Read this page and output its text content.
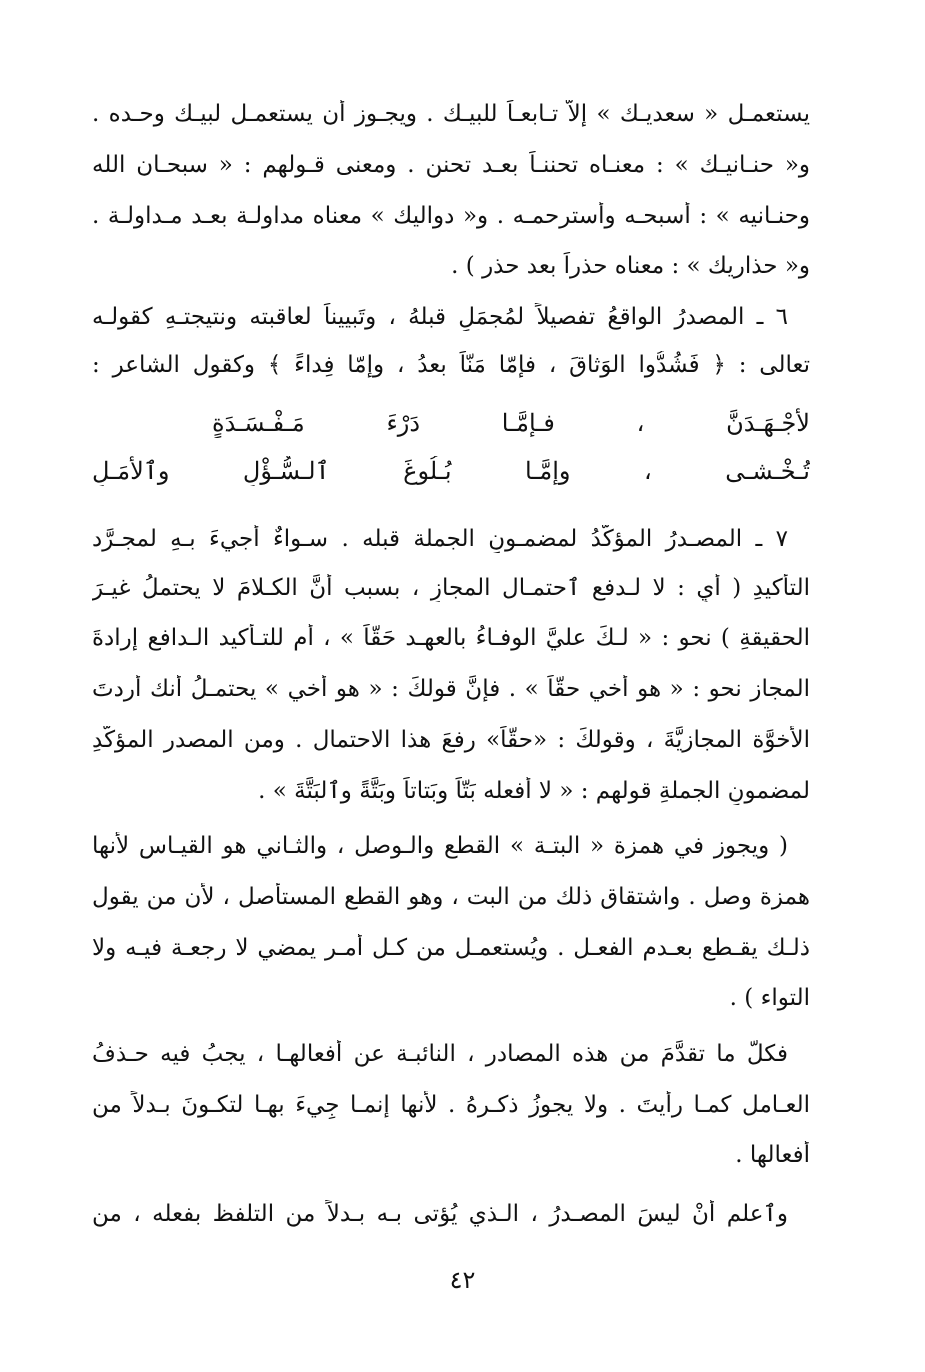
يستعمـل « سعديـك » إلاَّ تـابعـاً للبيـك . ويجـوز أن يستعمـل لبيـك وحـده .
و« حنـانيـك » : معنـاه تحننـاً بعـد تحنن . ومعنى قـولهم : « سبحـان الله
وحنـانيه » : أسبحـه وأسترحمـه . و« دواليك » معناه مداولـة بعـد مـداولـة .
و« حذاريك » : معناه حذراً بعد حذر ) .
٦ ـ المصدرُ الواقعُ تفصيلاً لمُجمَلٍ قبلهُ ، وتَبييناً لعاقبته ونتيجتـهِ كقولـه
تعالى : ﴿ فَشُدُّوا الوَثاقَ ، فإمّا مَنّاً بعدُ ، وإمّا فِداءً ﴾ وكقول الشاعر :
لأَجْـهَـدَنَّ ، فـإِمَّـا دَرْءَ مَـفْـسَـدَةٍ
تُـخْـشـى ، وإِمَّـا بُـلُوغَ ٱلـسُّـؤْلِ وٱلأَمَـلِ
٧ ـ المصـدرُ المؤكّدُ لمضمـونِ الجملة قبله . سـواءٌ أجيءَ بـهِ لمجـرَّد
التأكيدِ ( أيٍ : لا لـدفعِ ٱحتمـال المجازِ ، بسبب أنَّ الكـلامَ لا يحتملُ غيـرَ
الحقيقةِ ) نحو : « لـكَ عليَّ الوفـاءُ بالعهـد حَقّاً » ، أم للتـأكيد الـدافعِ إرادةَ
المجاز نحو : « هو أخي حقّاً » . فإنَّ قولكَ : « هو أخي » يحتمـلُ أنك أردتَ
الأخوَّة المجازيَّةَ ، وقولكَ : «حقّاً» رفعَ هذا الاحتمال . ومن المصدر المؤكّدِ
لمضمونِ الجملةِ قولهم : « لا أفعله بَتّاً وبَتاتاً وبَتَّةً وٱلبَتَّةَ » .
( ويجوز في همزة « البتـة » القطع والـوصل ، والثـاني هو القيـاس لأنها
همزة وصل . واشتقاق ذلك من البت ، وهو القطع المستأصل ، لأن من يقول
ذلـك يقـطع بعـدم الفعـل . ويُستعمـل من كـل أمـر يمضي لا رجعـة فيـه ولا
التواء ) .
فكلّ ما تقدَّمَ من هذه المصادر ، النائبـة عن أفعالهـا ، يجبُ فيه حـذفُ
العـامل كمـا رأيتَ . ولا يجوزُ ذكـرهُ . لأنها إنمـا جِيءَ بهـا لتكـونَ بـدلاً من
أفعالها .
وٱعلم أنْ ليسَ المصـدرُ ، الـذي يُؤتى بـه بـدلاً من التلفظ بفعله ، من
٤٢
